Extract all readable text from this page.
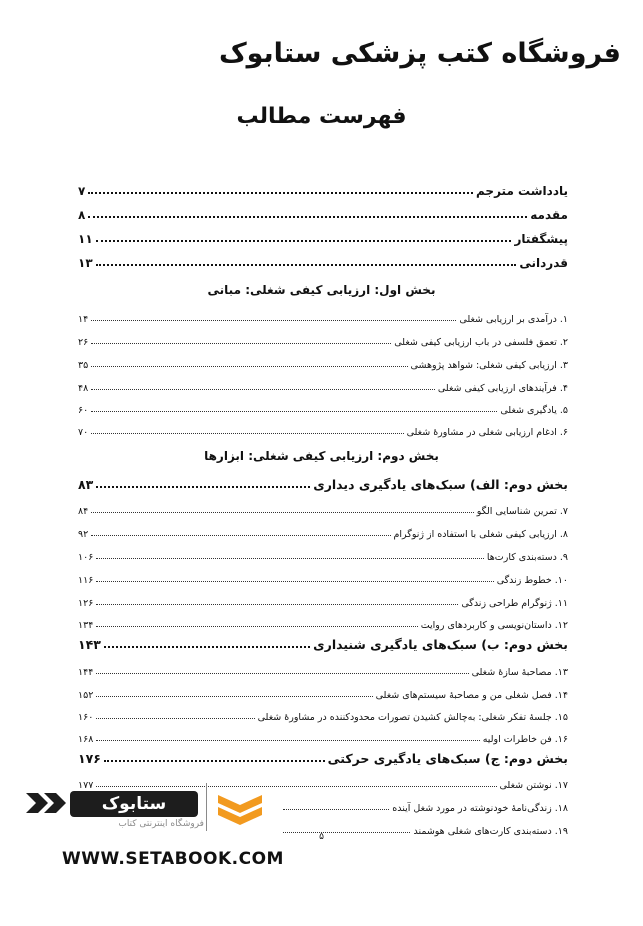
فروشگاه کتب پزشکی ستابوک
فهرست مطالب
یادداشت مترجم
۷
مقدمه
۸
پیشگفتار
۱۱
قدردانی
۱۳
بخش اول: ارزیابی کیفی شغلی: مبانی
۱. درآمدی بر ارزیابی شغلی
۱۴
۲. تعمق فلسفی در باب ارزیابی کیفی شغلی
۲۶
۳. ارزیابی کیفی شغلی: شواهد پژوهشی
۳۵
۴. فرآیندهای ارزیابی کیفی شغلی
۴۸
۵. یادگیری شغلی
۶۰
۶. ادغام ارزیابی شغلی در مشاورهٔ شغلی
۷۰
بخش دوم: ارزیابی کیفی شغلی: ابزارها
بخش دوم: الف) سبک‌های یادگیری دیداری
۸۳
۷. تمرین شناسایی الگو
۸۴
۸. ارزیابی کیفی شغلی با استفاده از ژنوگرام
۹۲
۹. دسته‌بندی کارت‌ها
۱۰۶
۱۰. خطوط زندگی
۱۱۶
۱۱. ژنوگرام طراحی زندگی
۱۲۶
۱۲. داستان‌نویسی و کاربردهای روایت
۱۳۴
بخش دوم: ب) سبک‌های یادگیری شنیداری
۱۴۳
۱۳. مصاحبهٔ سازهٔ شغلی
۱۴۴
۱۴. فصل شغلی من و مصاحبهٔ سیستم‌های شغلی
۱۵۲
۱۵. جلسهٔ تفکر شغلی: به‌چالش کشیدن تصورات محدودکننده در مشاورهٔ شغلی
۱۶۰
۱۶. فن خاطرات اولیه
۱۶۸
بخش دوم: ج) سبک‌های یادگیری حرکتی
۱۷۶
۱۷. نوشتن شغلی
۱۷۷
۱۸. زندگی‌نامهٔ خودنوشته در مورد شغل آینده
۱۹. دسته‌بندی کارت‌های شغلی هوشمند
۵
ستابوک
فروشگاه اینترنتی کتاب
WWW.SETABOOK.COM
